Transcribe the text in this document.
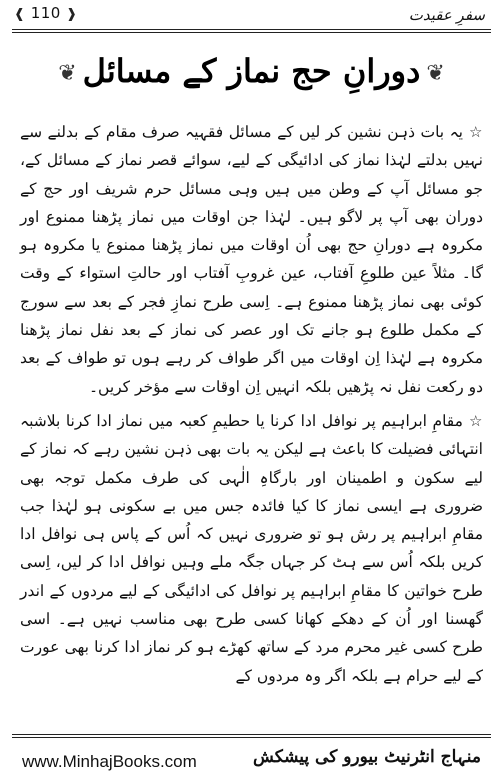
❰ 110 ❱	سفرِ عقیدت
❦دورانِ حج نماز کے مسائل❦

☆یہ بات ذہن نشین کر لیں کے مسائل فقہیہ صرف مقام کے بدلنے سے نہیں بدلتے لہٰذا نماز کی ادائیگی کے لیے، سوائے قصر نماز کے مسائل کے، جو مسائل آپ کے وطن میں ہیں وہی مسائل حرم شریف اور حج کے دوران بھی آپ پر لاگو ہیں۔ لہٰذا جن اوقات میں نماز پڑھنا ممنوع اور مکروہ ہے دورانِ حج بھی اُن اوقات میں نماز پڑھنا ممنوع یا مکروہ ہو گا۔ مثلاً عین طلوعِ آفتاب، عین غروبِ آفتاب اور حالتِ استواء کے وقت کوئی بھی نماز پڑھنا ممنوع ہے۔ اِسی طرح نمازِ فجر کے بعد سے سورج کے مکمل طلوع ہو جانے تک اور عصر کی نماز کے بعد نفل نماز پڑھنا مکروہ ہے لہٰذا اِن اوقات میں اگر طواف کر رہے ہوں تو طواف کے بعد دو رکعت نفل نہ پڑھیں بلکہ انہیں اِن اوقات سے مؤخر کریں۔

☆مقامِ ابراہیم پر نوافل ادا کرنا یا حطیمِ کعبہ میں نماز ادا کرنا بلاشبہ انتہائی فضیلت کا باعث ہے لیکن یہ بات بھی ذہن نشین رہے کہ نماز کے لیے سکون و اطمینان اور بارگاہِ الٰہی کی طرف مکمل توجہ بھی ضروری ہے ایسی نماز کا کیا فائدہ جس میں بے سکونی ہو لہٰذا جب مقامِ ابراہیم پر رش ہو تو ضروری نہیں کہ اُس کے پاس ہی نوافل ادا کریں بلکہ اُس سے ہٹ کر جہاں جگہ ملے وہیں نوافل ادا کر لیں، اِسی طرح خواتین کا مقامِ ابراہیم پر نوافل کی ادائیگی کے لیے مردوں کے اندر گھسنا اور اُن کے دھکے کھانا کسی طرح بھی مناسب نہیں ہے۔ اسی طرح کسی غیر محرم مرد کے ساتھ کھڑے ہو کر نماز ادا کرنا بھی عورت کے لیے حرام ہے بلکہ اگر وہ مردوں کے

www.MinhajBooks.com	منہاج انٹرنیٹ بیورو کی پیشکش
